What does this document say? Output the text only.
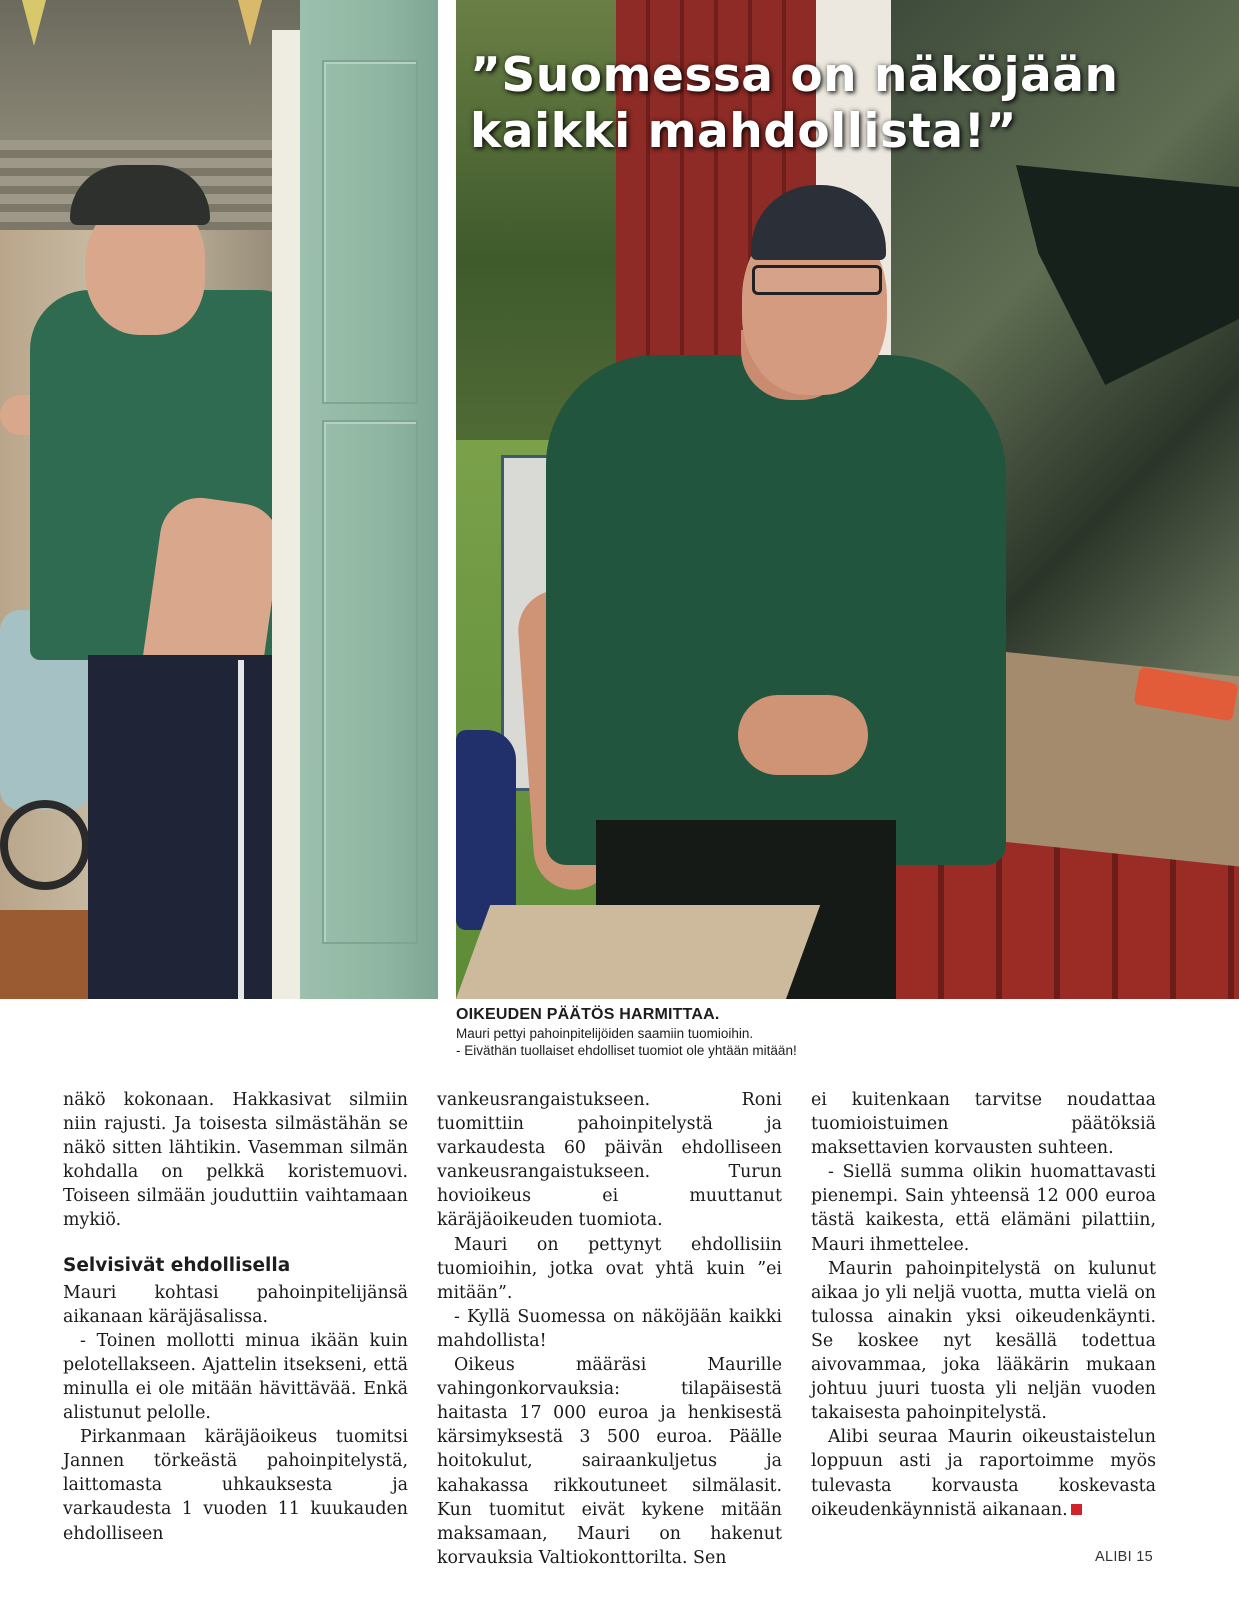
”Suomessa on näköjään
kaikki mahdollista!”
OIKEUDEN PÄÄTÖS HARMITTAA.
Mauri pettyi pahoinpitelijöiden saamiin tuomioihin.
- Eiväthän tuollaiset ehdolliset tuomiot ole yhtään mitään!

näkö kokonaan. Hakkasivat silmiin niin rajusti. Ja toisesta silmästähän se näkö sitten lähtikin. Vasemman silmän kohdalla on pelkkä koristemuovi. Toiseen silmään jouduttiin vaihtamaan mykiö.

Selvisivät ehdollisella

Mauri kohtasi pahoinpitelijänsä aikanaan käräjäsalissa.

- Toinen mollotti minua ikään kuin pelotellakseen. Ajattelin itsekseni, että minulla ei ole mitään hävittävää. Enkä alistunut pelolle.

Pirkanmaan käräjäoikeus tuomitsi Jannen törkeästä pahoinpitelystä, laittomasta uhkauksesta ja varkaudesta 1 vuoden 11 kuukauden ehdolliseen

vankeusrangaistukseen. Roni tuomittiin pahoinpitelystä ja varkaudesta 60 päivän ehdolliseen vankeusrangaistukseen. Turun hovioikeus ei muuttanut käräjäoikeuden tuomiota.

Mauri on pettynyt ehdollisiin tuomioihin, jotka ovat yhtä kuin ”ei mitään”.

- Kyllä Suomessa on näköjään kaikki mahdollista!

Oikeus määräsi Maurille vahingonkorvauksia: tilapäisestä haitasta 17 000 euroa ja henkisestä kärsimyksestä 3 500 euroa. Päälle hoitokulut, sairaankuljetus ja kahakassa rikkoutuneet silmälasit. Kun tuomitut eivät kykene mitään maksamaan, Mauri on hakenut korvauksia Valtiokonttorilta. Sen

ei kuitenkaan tarvitse noudattaa tuomioistuimen päätöksiä maksettavien korvausten suhteen.

- Siellä summa olikin huomattavasti pienempi. Sain yhteensä 12 000 euroa tästä kaikesta, että elämäni pilattiin, Mauri ihmettelee.

Maurin pahoinpitelystä on kulunut aikaa jo yli neljä vuotta, mutta vielä on tulossa ainakin yksi oikeudenkäynti. Se koskee nyt kesällä todettua aivovammaa, joka lääkärin mukaan johtuu juuri tuosta yli neljän vuoden takaisesta pahoinpitelystä.

Alibi seuraa Maurin oikeustaistelun loppuun asti ja raportoimme myös tulevasta korvausta koskevasta oikeudenkäynnistä aikanaan.

ALIBI 15
